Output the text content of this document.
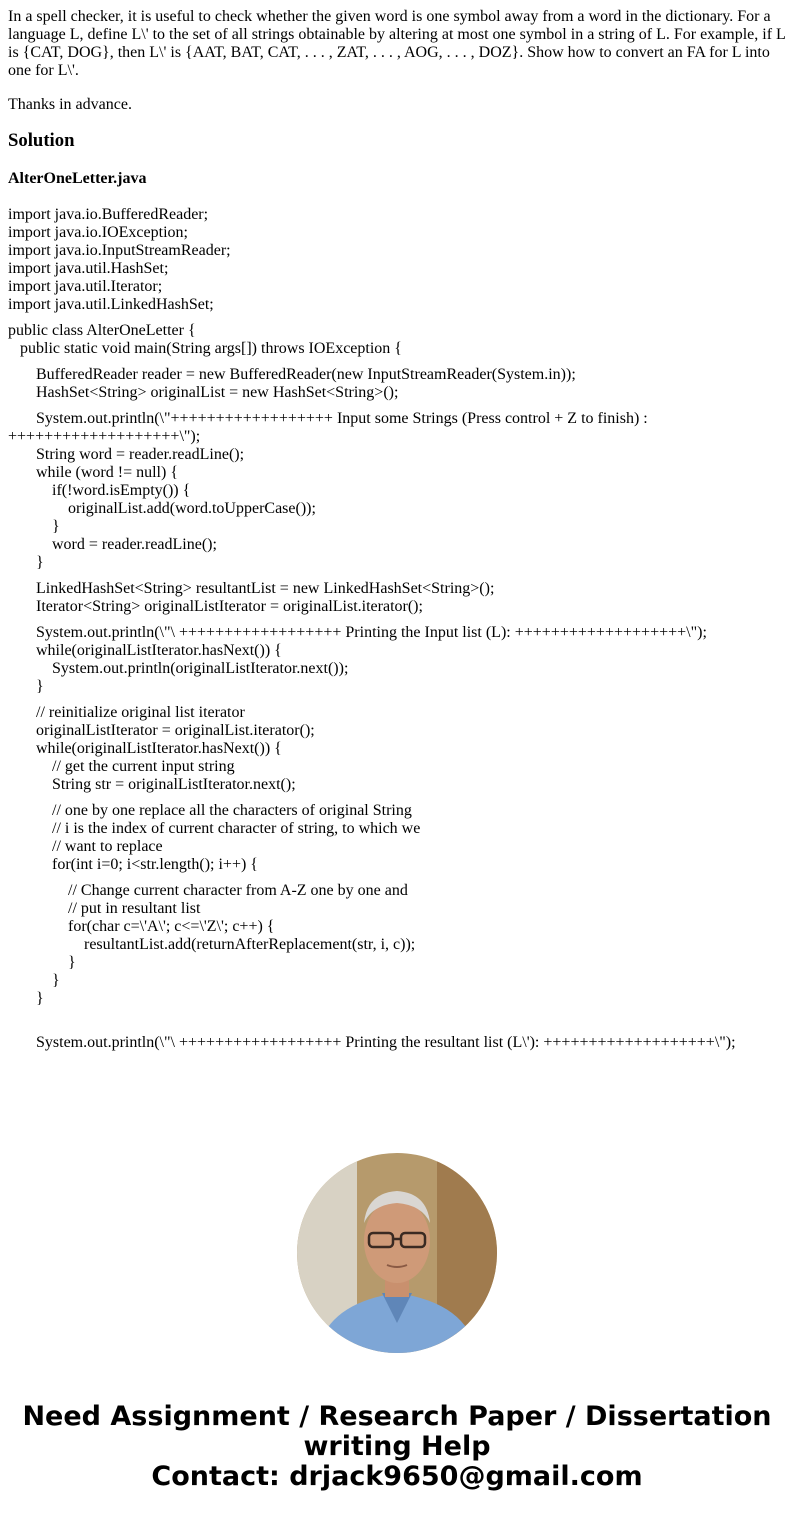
In a spell checker, it is useful to check whether the given word is one symbol away from a word in the dictionary. For a language L, define L\' to the set of all strings obtainable by altering at most one symbol in a string of L. For example, if L is {CAT, DOG}, then L\' is {AAT, BAT, CAT, . . . , ZAT, . . . , AOG, . . . , DOZ}. Show how to convert an FA for L into one for L\'.

Thanks in advance.

Solution

AlterOneLetter.java

import java.io.BufferedReader;
import java.io.IOException;
import java.io.InputStreamReader;
import java.util.HashSet;
import java.util.Iterator;
import java.util.LinkedHashSet;
public class AlterOneLetter {
public static void main(String args[]) throws IOException {
BufferedReader reader = new BufferedReader(new InputStreamReader(System.in));
HashSet<String> originalList = new HashSet<String>();
System.out.println(\"++++++++++++++++++ Input some Strings (Press control + Z to finish) : +++++++++++++++++++\");
String word = reader.readLine();
while (word != null) {
if(!word.isEmpty()) {
originalList.add(word.toUpperCase());
}
word = reader.readLine();
}
LinkedHashSet<String> resultantList = new LinkedHashSet<String>();
Iterator<String> originalListIterator = originalList.iterator();
System.out.println(\"\ ++++++++++++++++++ Printing the Input list (L): +++++++++++++++++++\");
while(originalListIterator.hasNext()) {
System.out.println(originalListIterator.next());
}
// reinitialize original list iterator
originalListIterator = originalList.iterator();
while(originalListIterator.hasNext()) {
// get the current input string
String str = originalListIterator.next();
// one by one replace all the characters of original String
// i is the index of current character of string, to which we
// want to replace
for(int i=0; i<str.length(); i++) {
// Change current character from A-Z one by one and
// put in resultant list
for(char c=\'A\'; c<=\'Z\'; c++) {
resultantList.add(returnAfterReplacement(str, i, c));
}
}
}
System.out.println(\"\ ++++++++++++++++++ Printing the resultant list (L\'): +++++++++++++++++++\");
Need Assignment / Research Paper / Dissertation
writing Help
Contact: drjack9650@gmail.com
